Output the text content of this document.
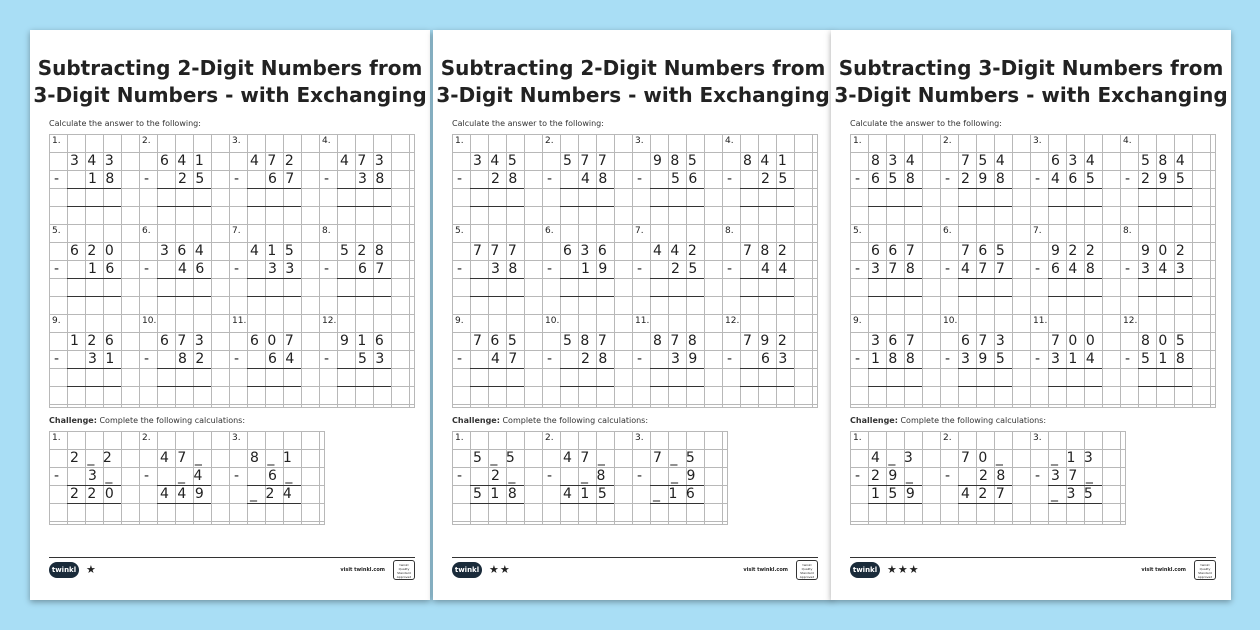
Subtracting 2-Digit Numbers from
3-Digit Numbers - with Exchanging

Calculate the answer to the following:

1.
343
-	18
2.
641
-	25
3.
472
-	67
4.
473
-	38
5.
620
-	16
6.
364
-	46
7.
415
-	33
8.
528
-	67
9.
126
-	31
10.
673
-	82
11.
607
-	64
12.
916
-	53

Challenge: Complete the following calculations:

1.
2_2
-	3_
220
2.
47_
-	_4
449
3.
8_1
-	6_
_24
twinkl ★	visit twinkl.com
twinkl Quality Standard Approved
Subtracting 2-Digit Numbers from
3-Digit Numbers - with Exchanging

Calculate the answer to the following:

1.
345
-	28
2.
577
-	48
3.
985
-	56
4.
841
-	25
5.
777
-	38
6.
636
-	19
7.
442
-	25
8.
782
-	44
9.
765
-	47
10.
587
-	28
11.
878
-	39
12.
792
-	63

Challenge: Complete the following calculations:

1.
5_5
-	2_
518
2.
47_
-	_8
415
3.
7_5
-	_9
_16
twinkl ★★	visit twinkl.com
twinkl Quality Standard Approved
Subtracting 3-Digit Numbers from
3-Digit Numbers - with Exchanging

Calculate the answer to the following:

1.
834
- 658
2.
754
- 298
3.
634
- 465
4.
584
- 295
5.
667
- 378
6.
765
- 477
7.
922
- 648
8.
902
- 343
9.
367
- 188
10.
673
- 395
11.
700
- 314
12.
805
- 518

Challenge: Complete the following calculations:

1.
4_3
- 29_
159
2.
70_
-	28
427
3.
_13
- 37_
_35
twinkl ★★★	visit twinkl.com
twinkl Quality Standard Approved
